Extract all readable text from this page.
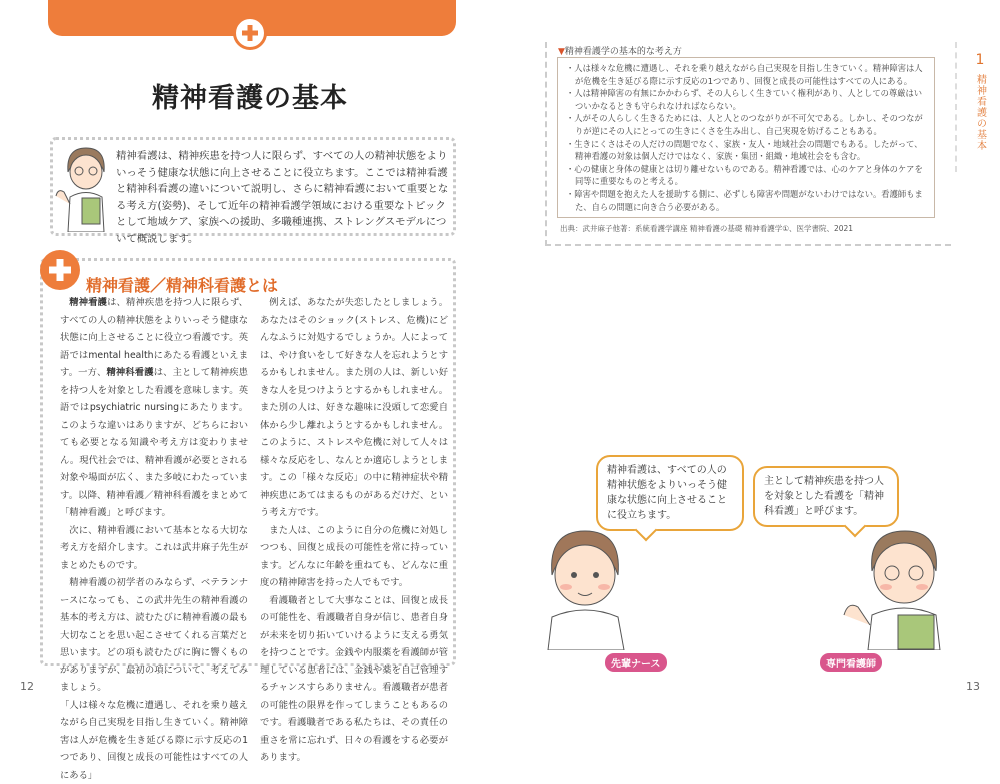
精神看護の基本

精神看護は、精神疾患を持つ人に限らず、すべての人の精神状態をよりいっそう健康な状態に向上させることに役立ちます。ここでは精神看護と精神科看護の違いについて説明し、さらに精神看護において重要となる考え方(姿勢)、そして近年の精神看護学領域における重要なトピックとして地域ケア、家族への援助、多職種連携、ストレングスモデルについて概説します。

精神看護／精神科看護とは

精神看護は、精神疾患を持つ人に限らず、すべての人の精神状態をよりいっそう健康な状態に向上させることに役立つ看護です。英語ではmental healthにあたる看護といえます。一方、精神科看護は、主として精神疾患を持つ人を対象とした看護を意味します。英語ではpsychiatric nursingにあたります。このような違いはありますが、どちらにおいても必要となる知識や考え方は変わりません。現代社会では、精神看護が必要とされる対象や場面が広く、また多岐にわたっています。以降、精神看護／精神科看護をまとめて「精神看護」と呼びます。

次に、精神看護において基本となる大切な考え方を紹介します。これは武井麻子先生がまとめたものです。

精神看護の初学者のみならず、ベテランナースになっても、この武井先生の精神看護の基本的考え方は、読むたびに精神看護の最も大切なことを思い起こさせてくれる言葉だと思います。どの項も読むたびに胸に響くものがありますが、最初の項について、考えてみましょう。

「人は様々な危機に遭遇し、それを乗り越えながら自己実現を目指し生きていく。精神障害は人が危機を生き延びる際に示す反応の1つであり、回復と成長の可能性はすべての人にある」

例えば、あなたが失恋したとしましょう。あなたはそのショック(ストレス、危機)にどんなふうに対処するでしょうか。人によっては、やけ食いをして好きな人を忘れようとするかもしれません。また別の人は、新しい好きな人を見つけようとするかもしれません。また別の人は、好きな趣味に没頭して恋愛自体から少し離れようとするかもしれません。このように、ストレスや危機に対して人々は様々な反応をし、なんとか適応しようとします。この「様々な反応」の中に精神症状や精神疾患にあてはまるものがあるだけだ、という考え方です。

また人は、このように自分の危機に対処しつつも、回復と成長の可能性を常に持っています。どんなに年齢を重ねても、どんなに重度の精神障害を持った人でもです。

看護職者として大事なことは、回復と成長の可能性を、看護職者自身が信じ、患者自身が未来を切り拓いていけるように支える勇気を持つことです。金銭や内服薬を看護師が管理している患者には、金銭や薬を自己管理するチャンスすらありません。看護職者が患者の可能性の限界を作ってしまうこともあるのです。看護職者である私たちは、その責任の重さを常に忘れず、日々の看護をする必要があります。

12
▼精神看護学の基本的な考え方
・人は様々な危機に遭遇し、それを乗り越えながら自己実現を目指し生きていく。精神障害は人が危機を生き延びる際に示す反応の1つであり、回復と成長の可能性はすべての人にある。
・人は精神障害の有無にかかわらず、その人らしく生きていく権利があり、人としての尊厳はいついかなるときも守られなければならない。
・人がその人らしく生きるためには、人と人とのつながりが不可欠である。しかし、そのつながりが逆にその人にとっての生きにくさを生み出し、自己実現を妨げることもある。
・生きにくさはその人だけの問題でなく、家族・友人・地域社会の問題でもある。したがって、精神看護の対象は個人だけではなく、家族・集団・組織・地域社会をも含む。
・心の健康と身体の健康とは切り離せないものである。精神看護では、心のケアと身体のケアを同等に重要なものと考える。
・障害や問題を抱えた人を援助する側に、必ずしも障害や問題がないわけではない。看護師もまた、自らの問題に向き合う必要がある。
出典：武井麻子他著：系統看護学講座 精神看護の基礎 精神看護学①、医学書院、2021
1
精神看護の基本
精神看護は、すべての人の精神状態をよりいっそう健康な状態に向上させることに役立ちます。
主として精神疾患を持つ人を対象とした看護を「精神科看護」と呼びます。
先輩ナース	専門看護師
13
